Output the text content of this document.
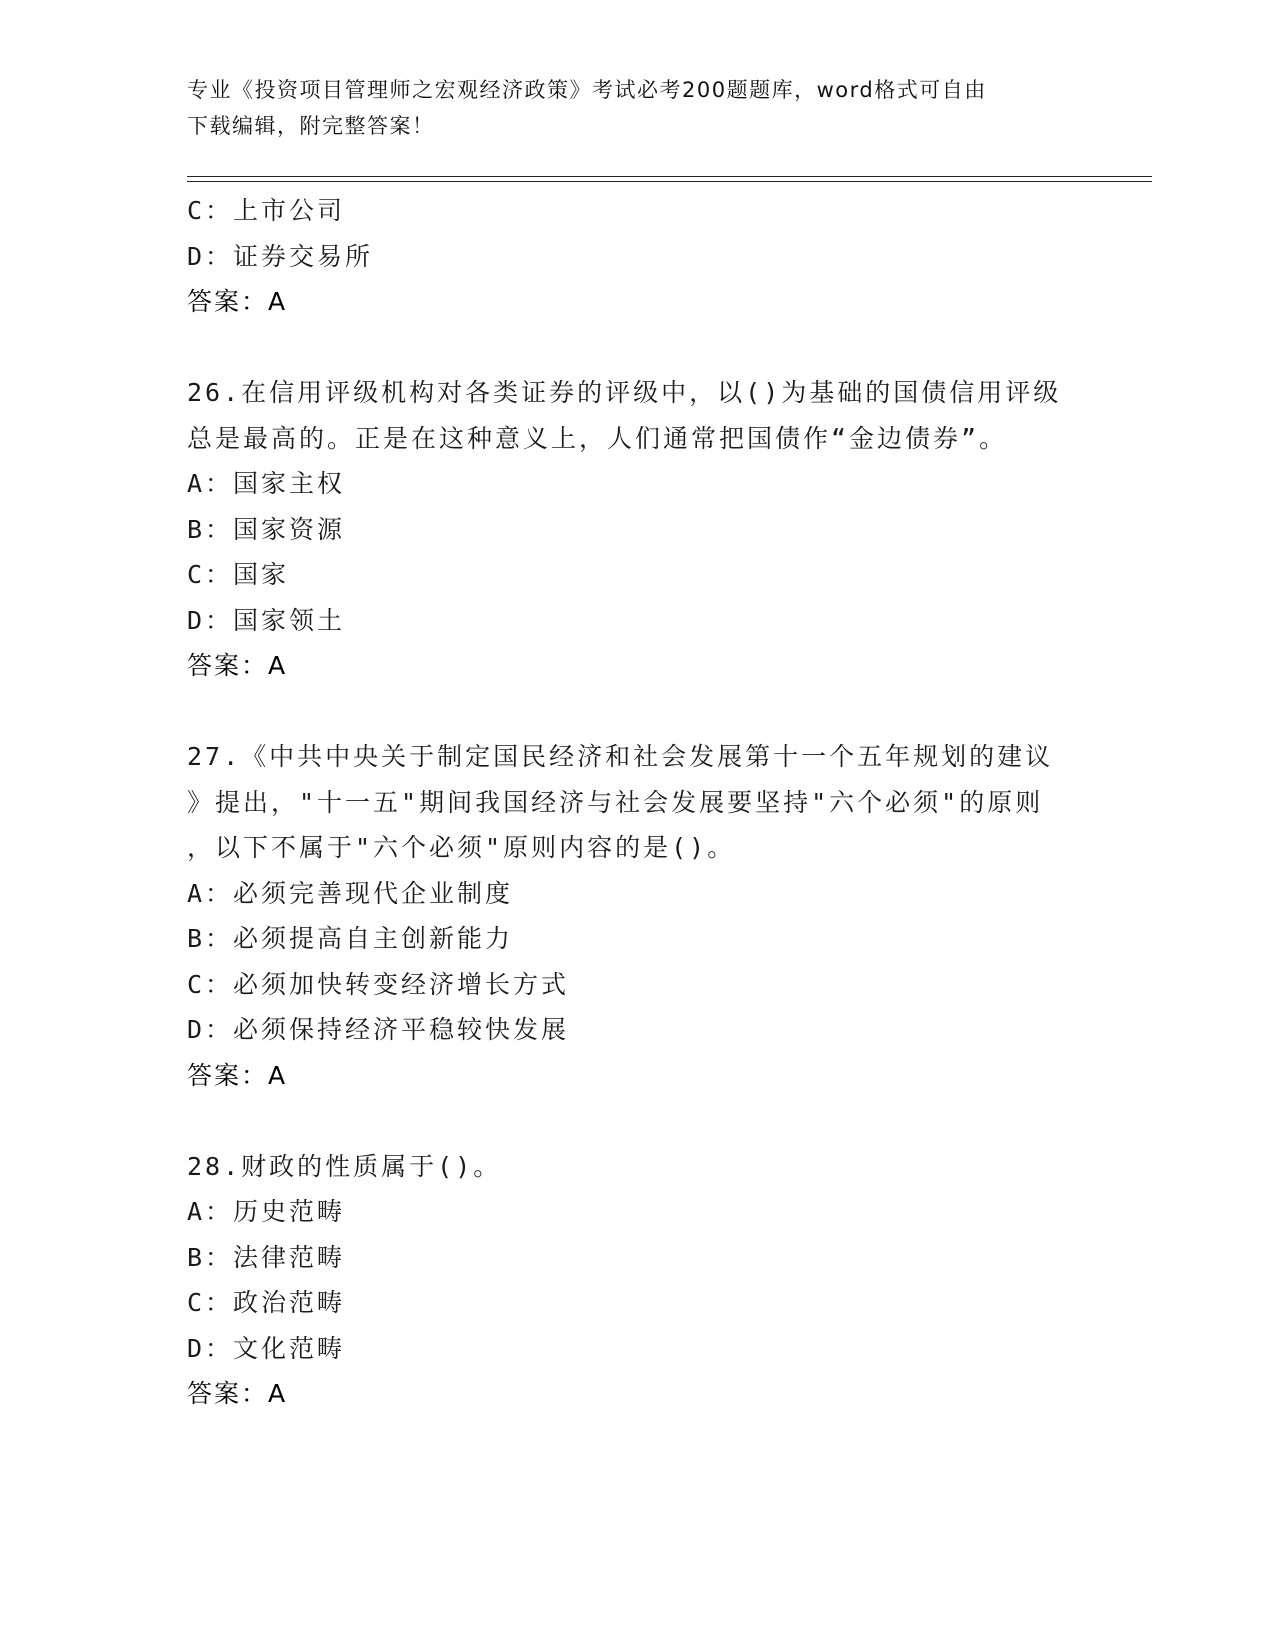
专业《投资项目管理师之宏观经济政策》考试必考200题题库，word格式可自由
下载编辑，附完整答案！
C：上市公司
D：证券交易所
答案：A
26.在信用评级机构对各类证券的评级中，以()为基础的国债信用评级
总是最高的。正是在这种意义上，人们通常把国债作“金边债券”。
A：国家主权
B：国家资源
C：国家
D：国家领土
答案：A
27.《中共中央关于制定国民经济和社会发展第十一个五年规划的建议
》提出，"十一五"期间我国经济与社会发展要坚持"六个必须"的原则
，以下不属于"六个必须"原则内容的是()。
A：必须完善现代企业制度
B：必须提高自主创新能力
C：必须加快转变经济增长方式
D：必须保持经济平稳较快发展
答案：A
28.财政的性质属于()。
A：历史范畴
B：法律范畴
C：政治范畴
D：文化范畴
答案：A
